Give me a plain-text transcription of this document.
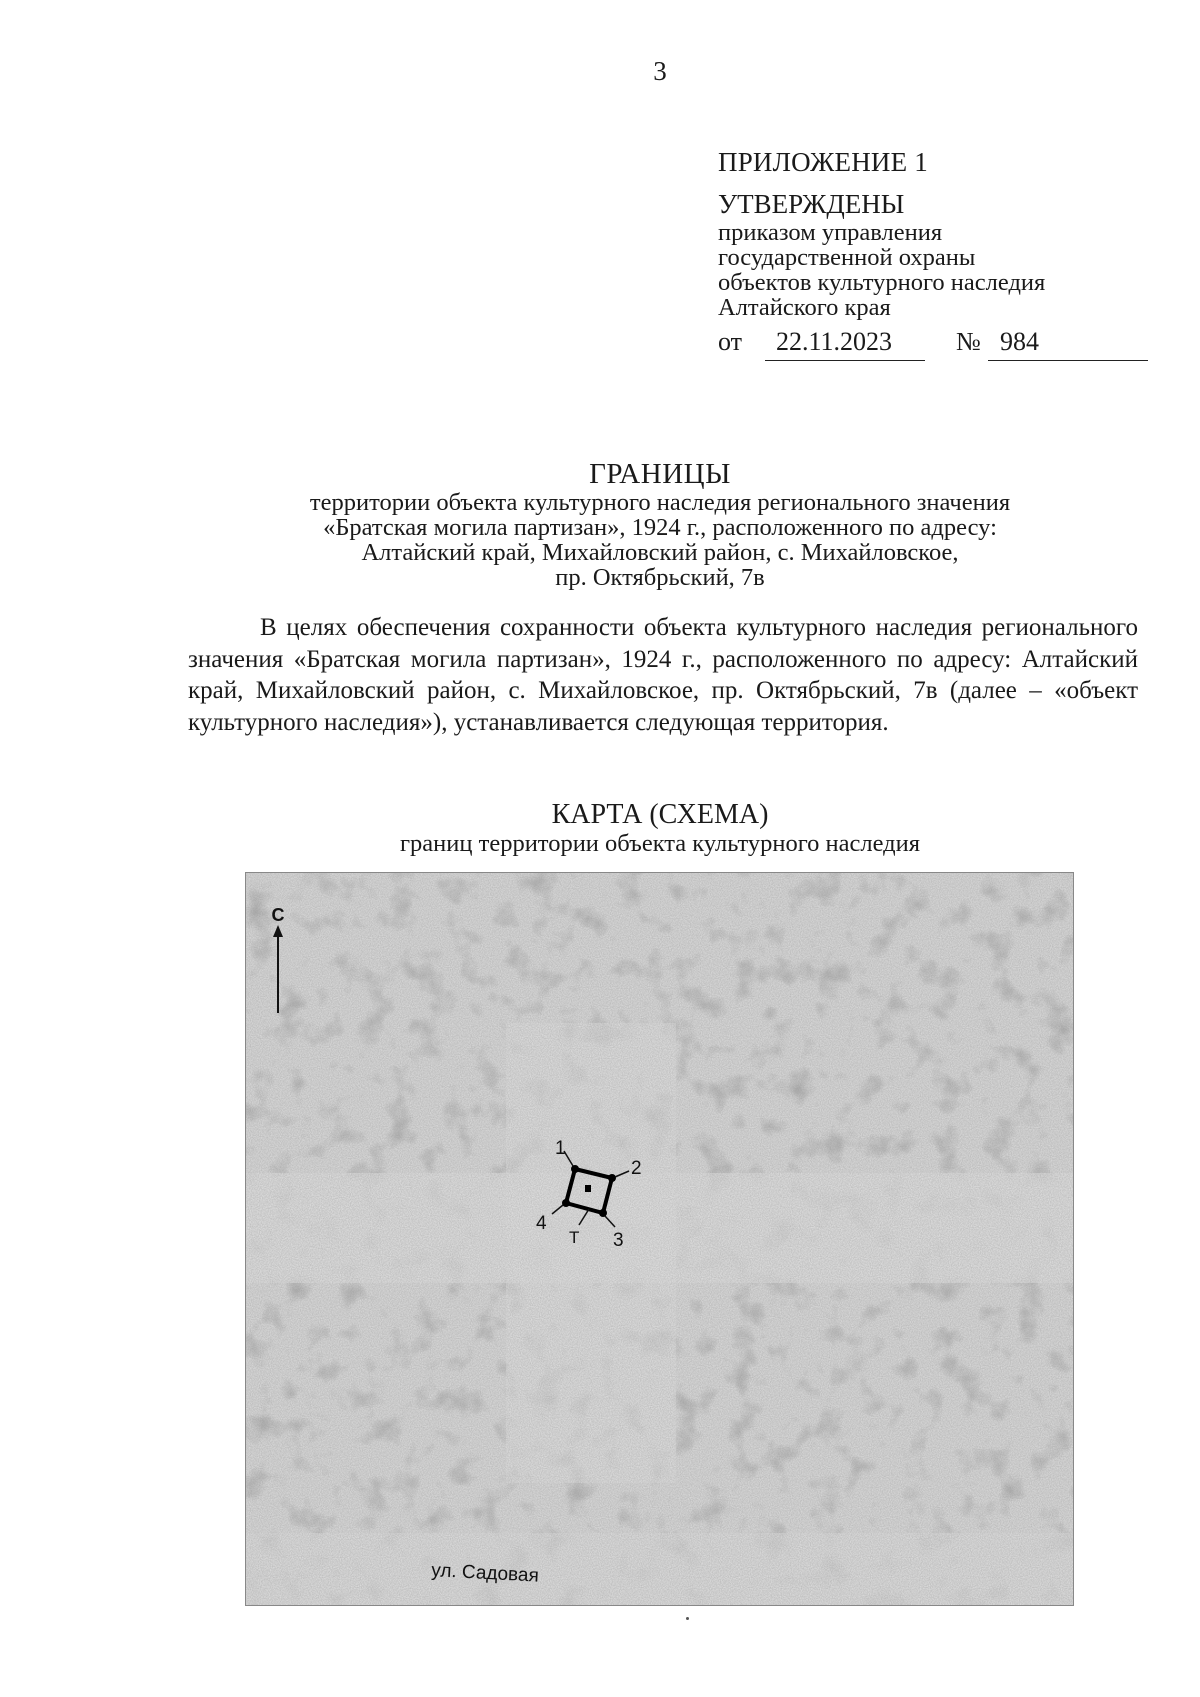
3
ПРИЛОЖЕНИЕ 1
УТВЕРЖДЕНЫ
приказом управления
государственной охраны
объектов культурного наследия
Алтайского края
от 22.11.2023 № 984
ГРАНИЦЫ
территории объекта культурного наследия регионального значения
«Братская могила партизан», 1924 г., расположенного по адресу:
Алтайский край, Михайловский район, с. Михайловское,
пр. Октябрьский, 7в

В целях обеспечения сохранности объекта культурного наследия регионального значения «Братская могила партизан», 1924 г., расположенного по адресу: Алтайский край, Михайловский район, с. Михайловское, пр. Октябрьский, 7в (далее – «объект культурного наследия»), устанавливается следующая территория.

КАРТА (СХЕМА)
границ территории объекта культурного наследия
С
1
2
3
4
Т
ул. Садовая
